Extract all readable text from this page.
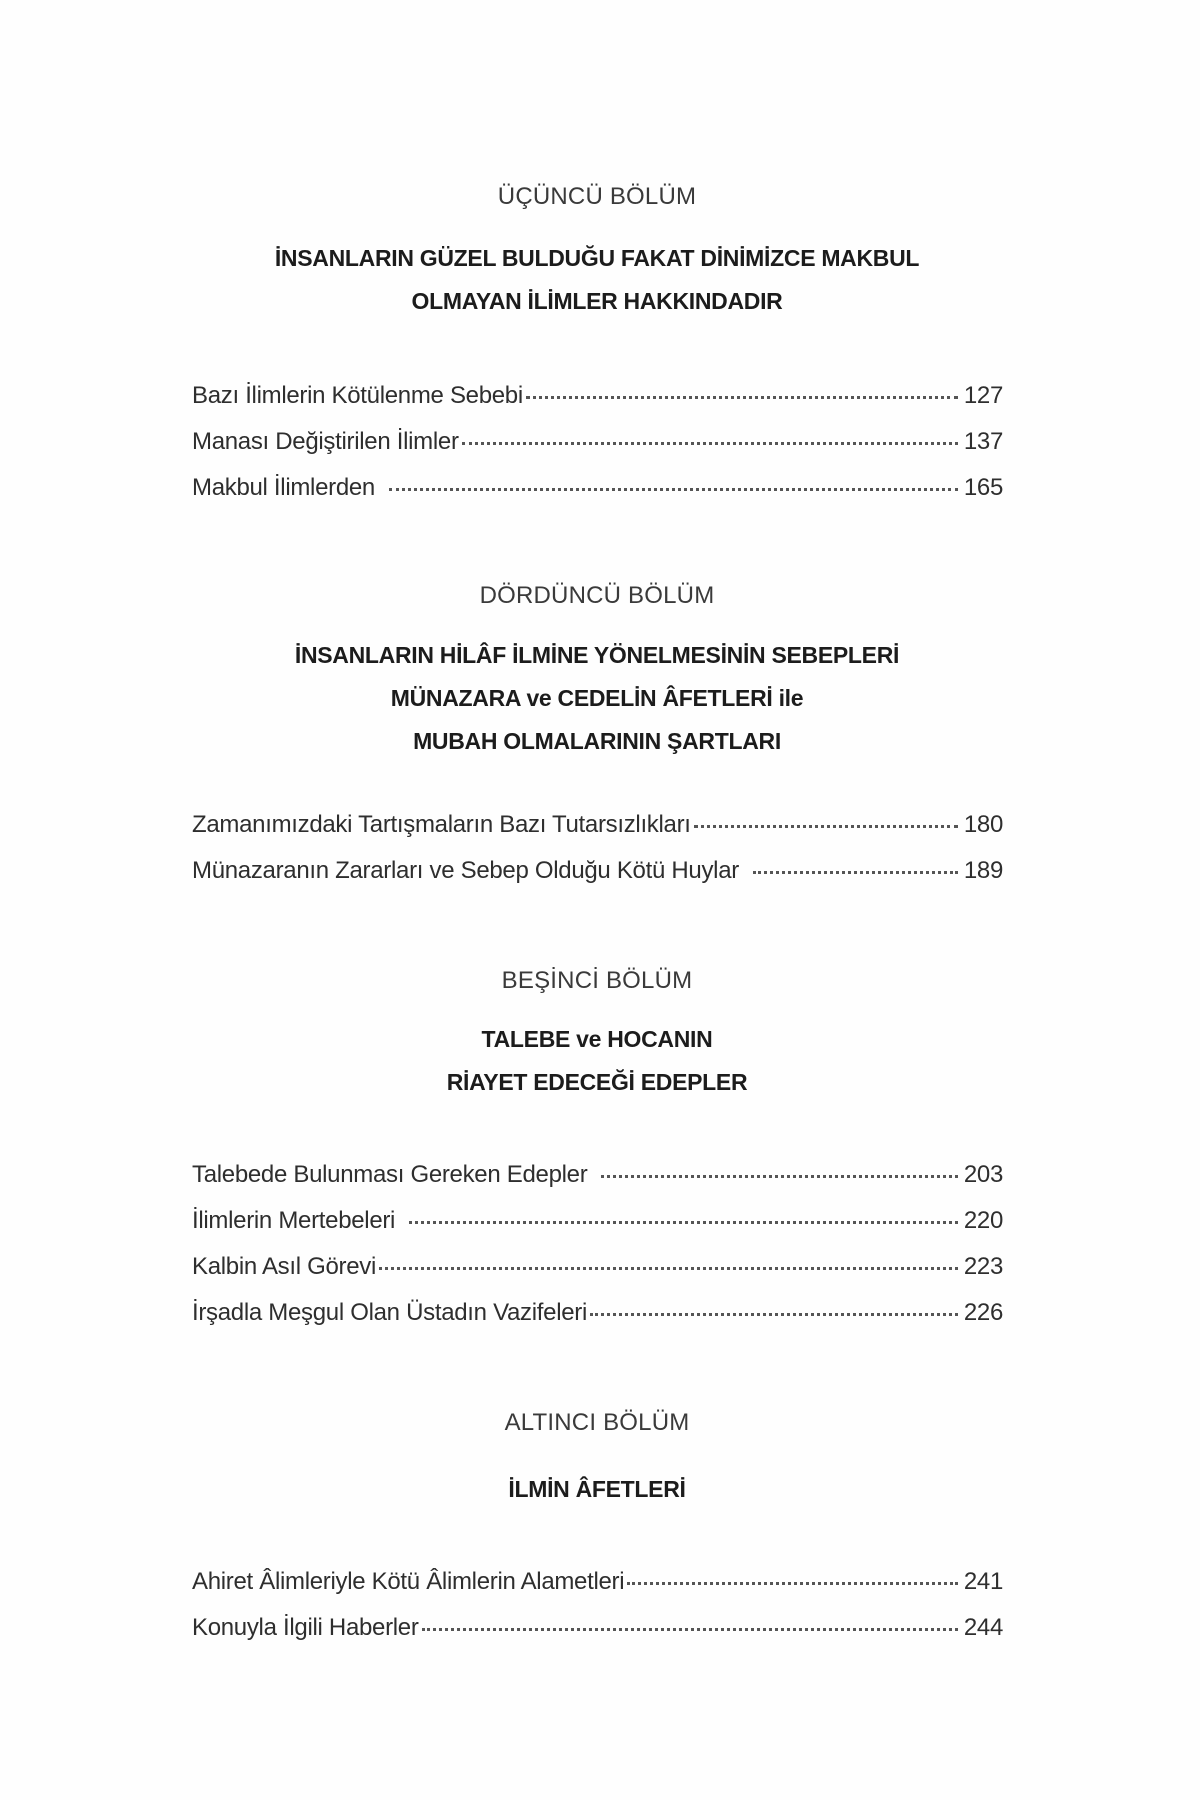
ÜÇÜNCÜ BÖLÜM
İNSANLARIN GÜZEL BULDUĞU FAKAT DİNİMİZCE MAKBUL
OLMAYAN İLİMLER HAKKINDADIR
Bazı İlimlerin Kötülenme Sebebi	127
Manası Değiştirilen İlimler	137
Makbul İlimlerden	165
DÖRDÜNCÜ BÖLÜM
İNSANLARIN HİLÂF İLMİNE YÖNELMESİNİN SEBEPLERİ
MÜNAZARA ve CEDELİN ÂFETLERİ ile
MUBAH OLMALARININ ŞARTLARI
Zamanımızdaki Tartışmaların Bazı Tutarsızlıkları	180
Münazaranın Zararları ve Sebep Olduğu Kötü Huylar	189
BEŞİNCİ BÖLÜM
TALEBE ve HOCANIN
RİAYET EDECEĞİ EDEPLER
Talebede Bulunması Gereken Edepler	203
İlimlerin Mertebeleri	220
Kalbin Asıl Görevi	223
İrşadla Meşgul Olan Üstadın Vazifeleri	226
ALTINCI BÖLÜM
İLMİN ÂFETLERİ
Ahiret Âlimleriyle Kötü Âlimlerin Alametleri	241
Konuyla İlgili Haberler	244
